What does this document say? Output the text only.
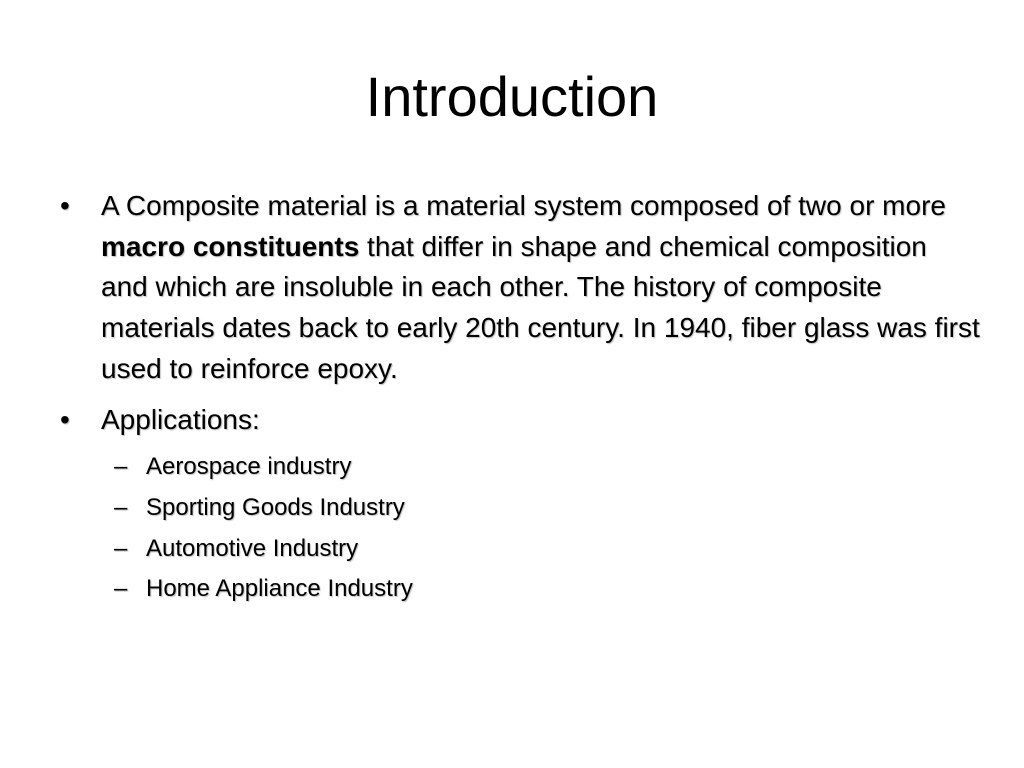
Introduction
• A Composite material is a material system composed of two or more macro constituents that differ in shape and chemical composition and which are insoluble in each other. The history of composite materials dates back to early 20th century. In 1940, fiber glass was first used to reinforce epoxy.
• Applications:
– Aerospace industry
– Sporting Goods Industry
– Automotive Industry
– Home Appliance Industry
